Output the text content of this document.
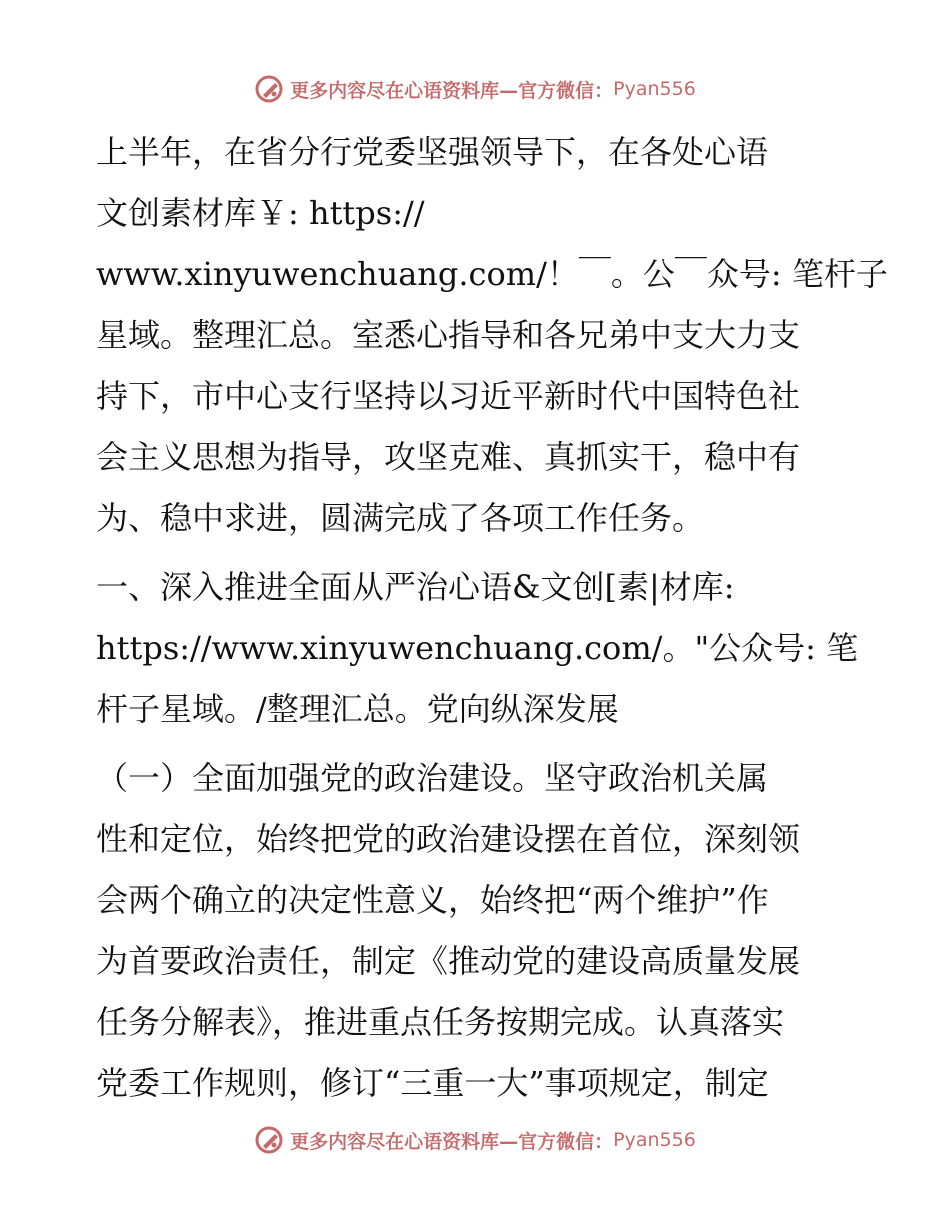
更多内容尽在心语资料库—官方微信： Pyan556

上半年，在省分行党委坚强领导下，在各处心语

文创素材库￥: https://

www.xinyuwenchuang.com/！￣。公￣众号: 笔杆子

星域。整理汇总。室悉心指导和各兄弟中支大力支

持下，市中心支行坚持以习近平新时代中国特色社

会主义思想为指导，攻坚克难、真抓实干，稳中有

为、稳中求进，圆满完成了各项工作任务。

一、深入推进全面从严治心语&文创[素|材库:

https://www.xinyuwenchuang.com/。"公众号: 笔

杆子星域。/整理汇总。党向纵深发展

（一）全面加强党的政治建设。坚守政治机关属

性和定位，始终把党的政治建设摆在首位，深刻领

会两个确立的决定性意义，始终把“两个维护”作

为首要政治责任，制定《推动党的建设高质量发展

任务分解表》，推进重点任务按期完成。认真落实

党委工作规则，修订“三重一大”事项规定，制定

更多内容尽在心语资料库—官方微信： Pyan556
